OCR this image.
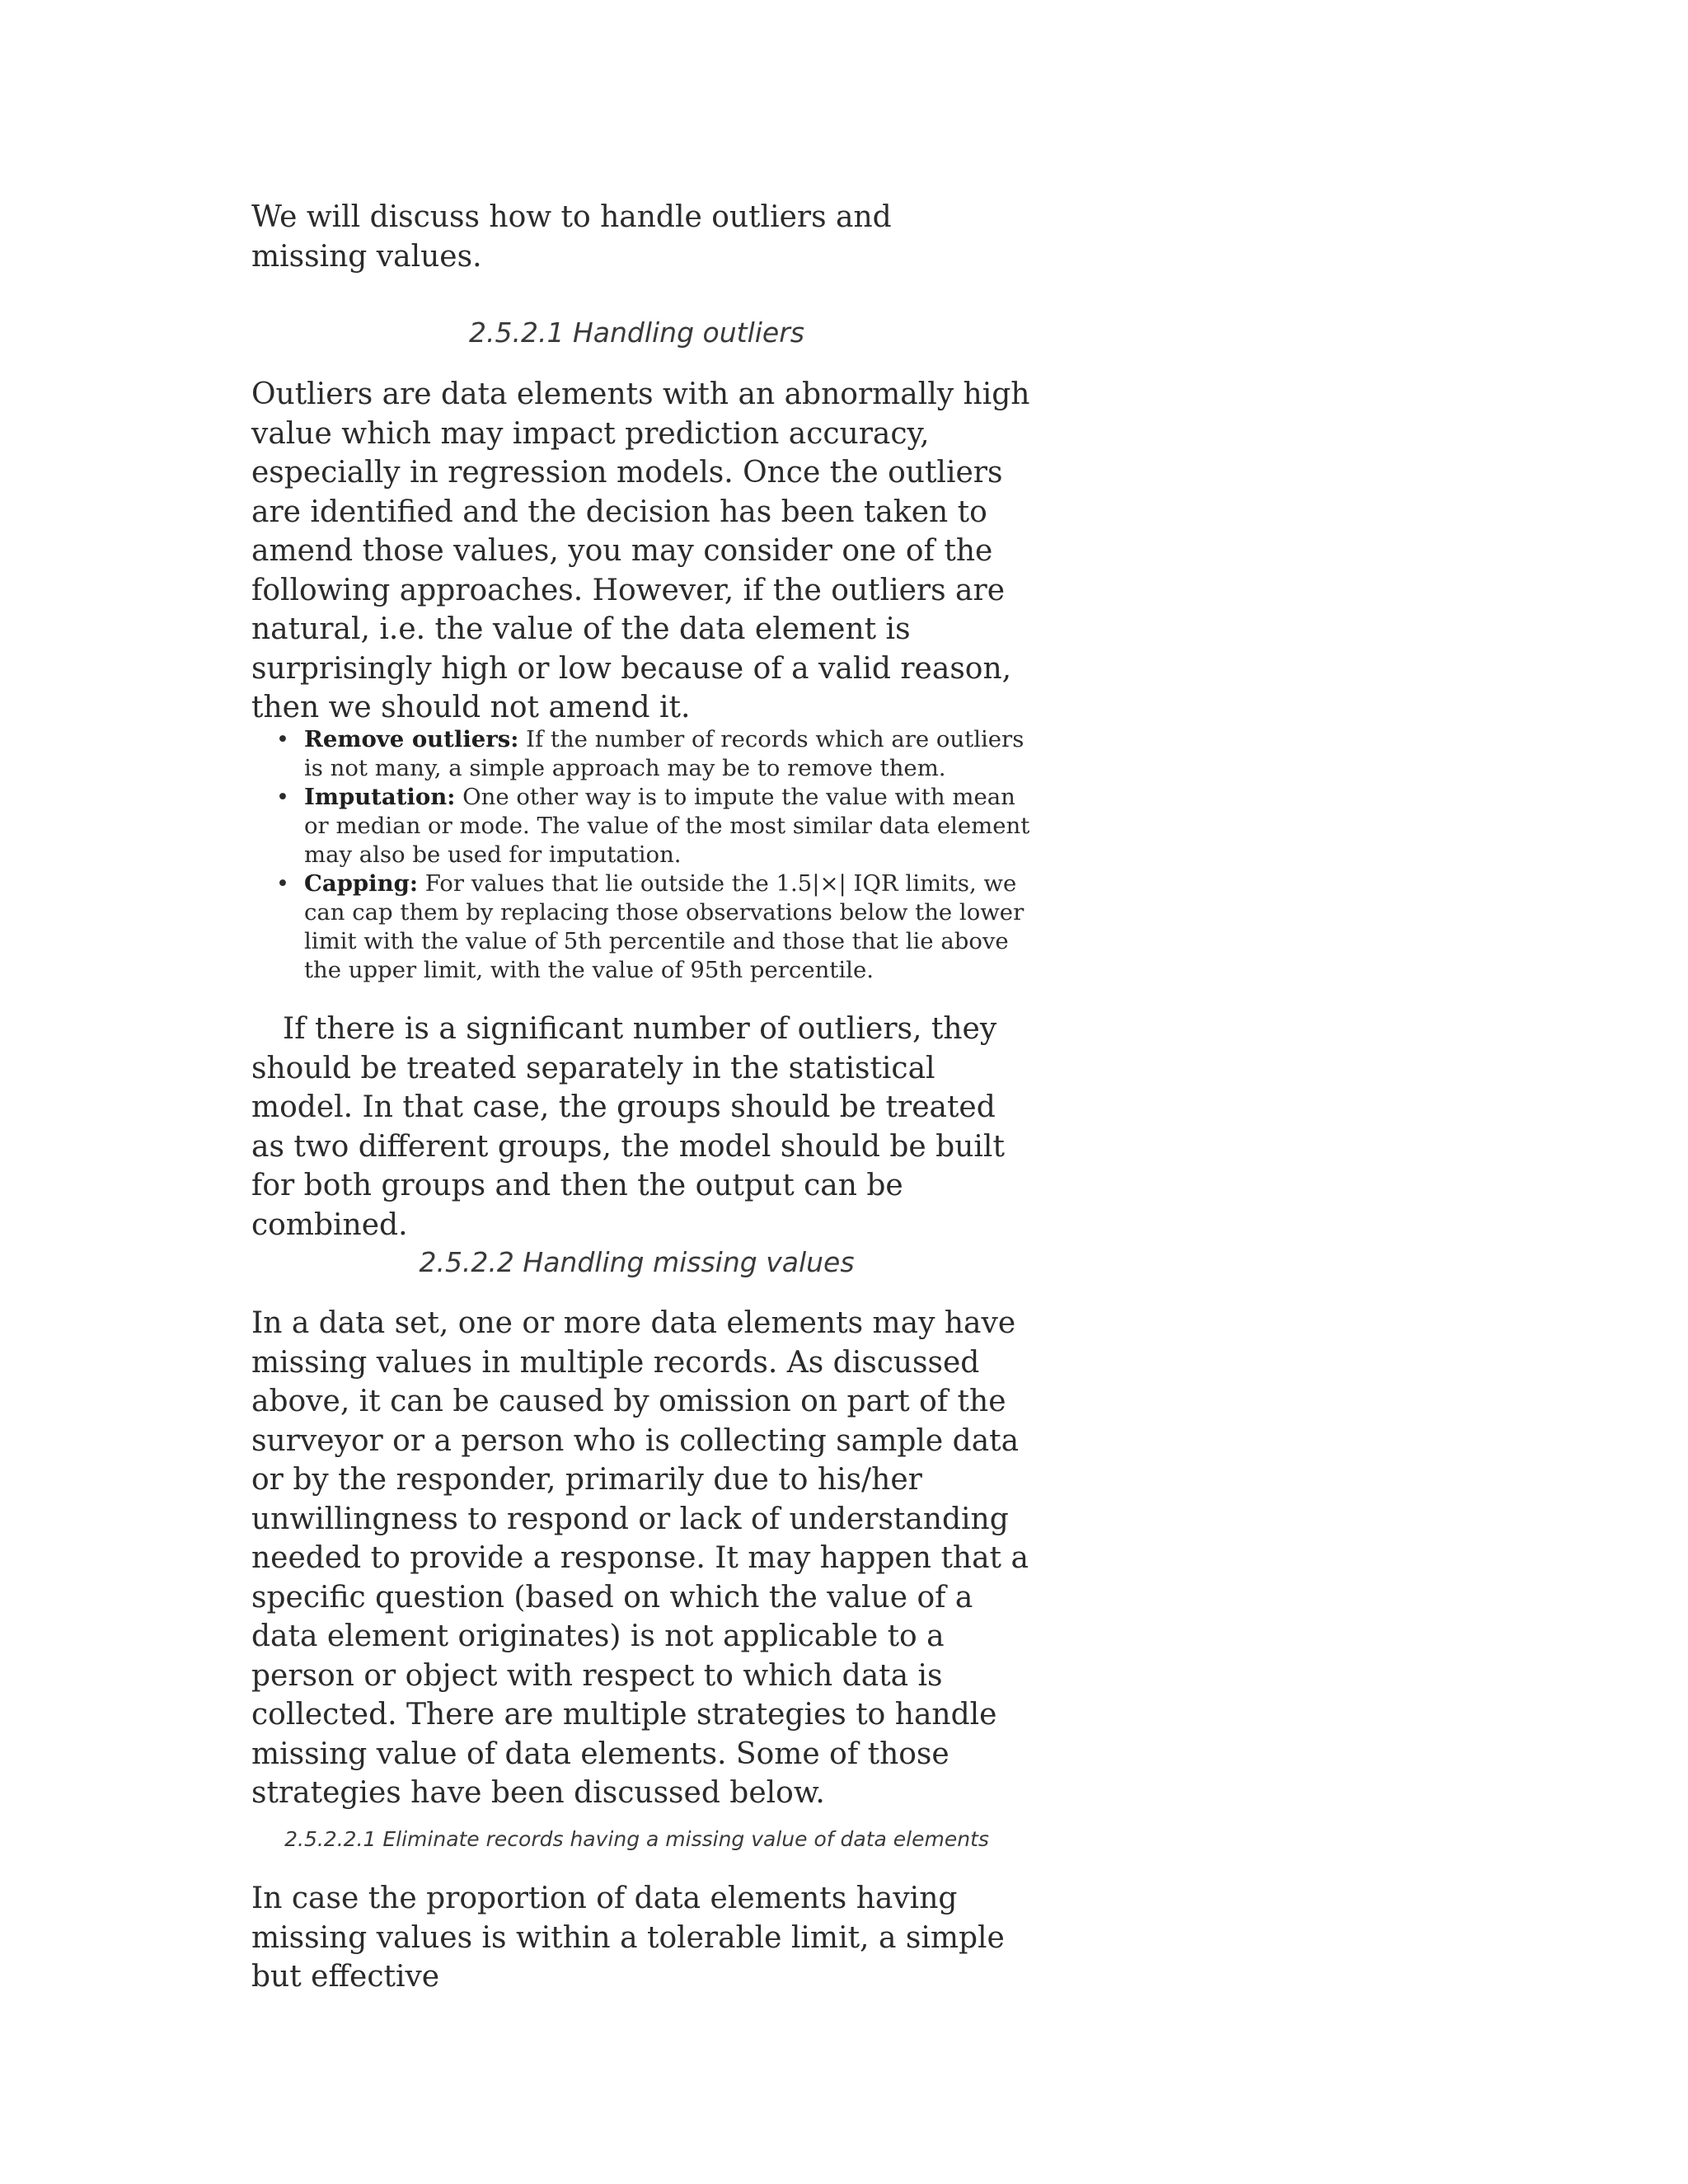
We will discuss how to handle outliers and missing values.

2.5.2.1 Handling outliers

Outliers are data elements with an abnormally high value which may impact prediction accuracy, especially in regression models. Once the outliers are identified and the decision has been taken to amend those values, you may consider one of the following approaches. However, if the outliers are natural, i.e. the value of the data element is surprisingly high or low because of a valid reason, then we should not amend it.

• Remove outliers: If the number of records which are outliers is not many, a simple approach may be to remove them.
• Imputation: One other way is to impute the value with mean or median or mode. The value of the most similar data element may also be used for imputation.
• Capping: For values that lie outside the 1.5|×| IQR limits, we can cap them by replacing those observations below the lower limit with the value of 5th percentile and those that lie above the upper limit, with the value of 95th percentile.

If there is a significant number of outliers, they should be treated separately in the statistical model. In that case, the groups should be treated as two different groups, the model should be built for both groups and then the output can be combined.

2.5.2.2 Handling missing values

In a data set, one or more data elements may have missing values in multiple records. As discussed above, it can be caused by omission on part of the surveyor or a person who is collecting sample data or by the responder, primarily due to his/her unwillingness to respond or lack of understanding needed to provide a response. It may happen that a specific question (based on which the value of a data element originates) is not applicable to a person or object with respect to which data is collected. There are multiple strategies to handle missing value of data elements. Some of those strategies have been discussed below.

2.5.2.2.1 Eliminate records having a missing value of data elements

In case the proportion of data elements having missing values is within a tolerable limit, a simple but effective
